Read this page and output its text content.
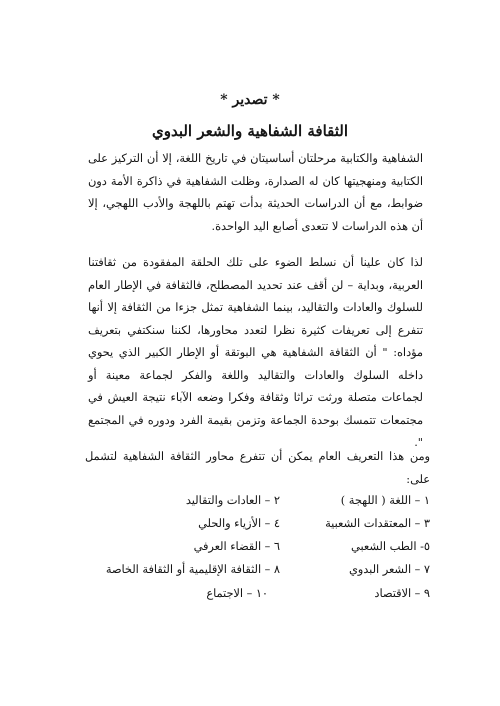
* تصدير *
الثقافة الشفاهية والشعر البدوي
الشفاهية والكتابية مرحلتان أساسيتان في تاريخ اللغة، إلا أن التركيز على الكتابية ومنهجيتها كان له الصدارة، وظلت الشفاهية في ذاكرة الأمة دون ضوابط، مع أن الدراسات الحديثة بدأت تهتم باللهجة والأدب اللهجي، إلا أن هذه الدراسات لا تتعدى أصابع اليد الواحدة.
لذا كان علينا أن نسلط الضوء على تلك الحلقة المفقودة من ثقافتنا العربية، وبداية – لن أقف عند تحديد المصطلح، فالثقافة في الإطار العام للسلوك والعادات والتقاليد، بينما الشفاهية تمثل جزءا من الثقافة إلا أنها تتفرع إلى تعريفات كثيرة نظرا لتعدد محاورها، لكننا سنكتفي بتعريف مؤداه: " أن الثقافة الشفاهية هي البوتقة أو الإطار الكبير الذي يحوي داخله السلوك والعادات والتقاليد واللغة والفكر لجماعة معينة أو لجماعات متصلة ورثت تراثا وثقافة وفكرا وضعه الآباء نتيجة العيش في مجتمعات تتمسك بوحدة الجماعة وتزمن بقيمة الفرد ودوره في المجتمع ".
ومن هذا التعريف العام يمكن أن تتفرع محاور الثقافة الشفاهية لتشمل على:
١ – اللغة ( اللهجة )
٢ – العادات والتقاليد
٣ – المعتقدات الشعبية
٤ – الأزياء والحلي
٥- الطب الشعبي
٦ – القضاء العرفي
٧ – الشعر البدوي
٨ – الثقافة الإقليمية أو الثقافة الخاصة
٩ – الاقتصاد
١٠ – الاجتماع
